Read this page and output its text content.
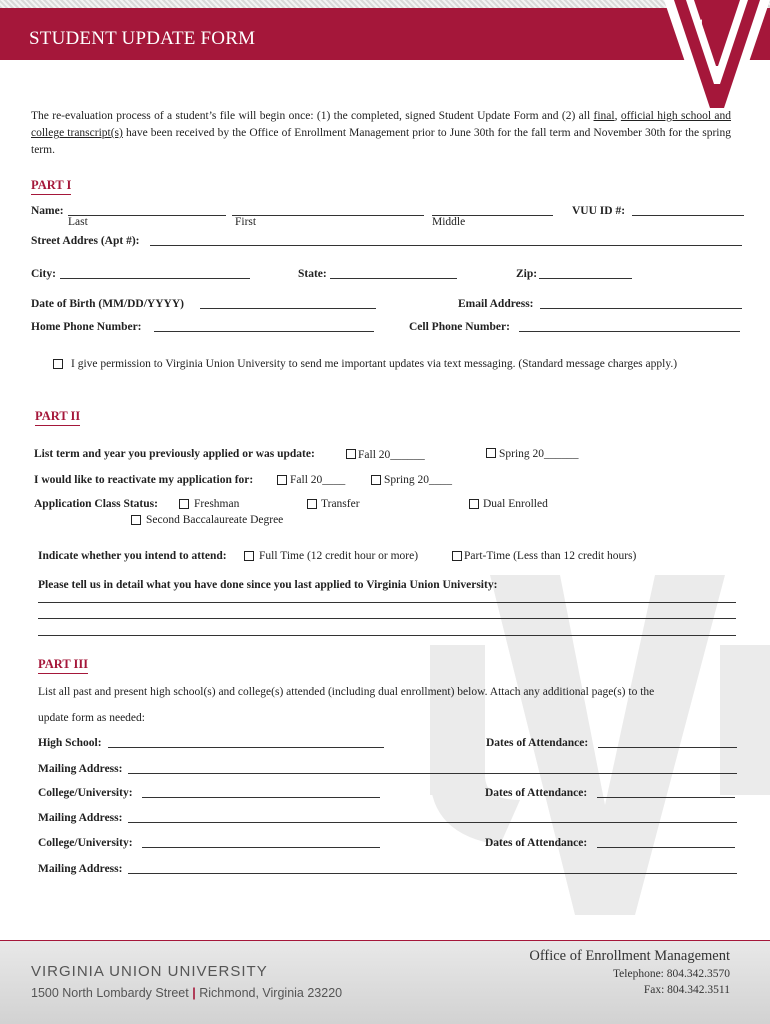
STUDENT UPDATE FORM
1
The re-evaluation process of a student’s file will begin once: (1) the completed, signed Student Update Form and (2) all final, official high school and college transcript(s) have been received by the Office of Enrollment Management prior to June 30th for the fall term and November 30th for the spring term.
PART I
Name:
Last	First	Middle
VUU ID #:
Street Addres (Apt #):
City:	State:	Zip:
Date of Birth (MM/DD/YYYY)	Email Address:
Home Phone Number:	Cell Phone Number:
I give permission to Virginia Union University to send me important updates via text messaging. (Standard message charges apply.)
PART II
List term and year you previously applied or was update:	Fall 20______	Spring 20______
I would like to reactivate my application for:	Fall 20____	Spring 20____
Application Class Status:	Freshman	Transfer	Dual Enrolled
Second Baccalaureate Degree
Indicate whether you intend to attend:	Full Time (12 credit hour or more)	Part-Time (Less than 12 credit hours)
Please tell us in detail what you have done since you last applied to Virginia Union University:
PART III
List all past and present high school(s) and college(s) attended (including dual enrollment) below. Attach any additional page(s) to the
update form as needed:
High School:	Dates of Attendance:
Mailing Address:
College/University:	Dates of Attendance:
Mailing Address:
College/University:	Dates of Attendance:
Mailing Address:
VIRGINIA UNION UNIVERSITY
1500 North Lombardy Street | Richmond, Virginia 23220
Office of Enrollment Management
Telephone: 804.342.3570
Fax: 804.342.3511
